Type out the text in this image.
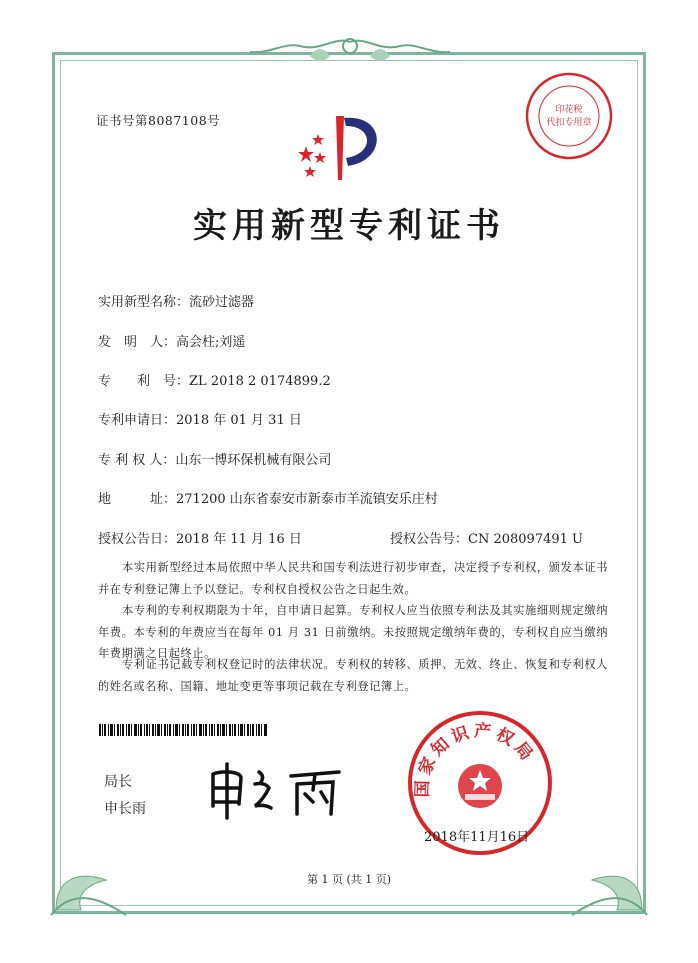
证书号第8087108号
印花税
代扣专用章
实用新型专利证书
实用新型名称：流砂过滤器
发　明　人：高会柱;刘遥
专　　利　号：ZL 2018 2 0174899.2
专利申请日：2018 年 01 月 31 日
专 利 权 人：山东一博环保机械有限公司
地　　　址：271200 山东省泰安市新泰市羊流镇安乐庄村
授权公告日：2018 年 11 月 16 日	授权公告号：CN 208097491 U
本实用新型经过本局依照中华人民共和国专利法进行初步审查，决定授予专利权，颁发本证书并在专利登记簿上予以登记。专利权自授权公告之日起生效。
本专利的专利权期限为十年，自申请日起算。专利权人应当依照专利法及其实施细则规定缴纳年费。本专利的年费应当在每年 01 月 31 日前缴纳。未按照规定缴纳年费的，专利权自应当缴纳年费期满之日起终止。
专利证书记载专利权登记时的法律状况。专利权的转移、质押、无效、终止、恢复和专利权人的姓名或名称、国籍、地址变更等事项记载在专利登记簿上。
局长
申长雨
国家知识产权局
2018年11月16日
第 1 页 (共 1 页)
